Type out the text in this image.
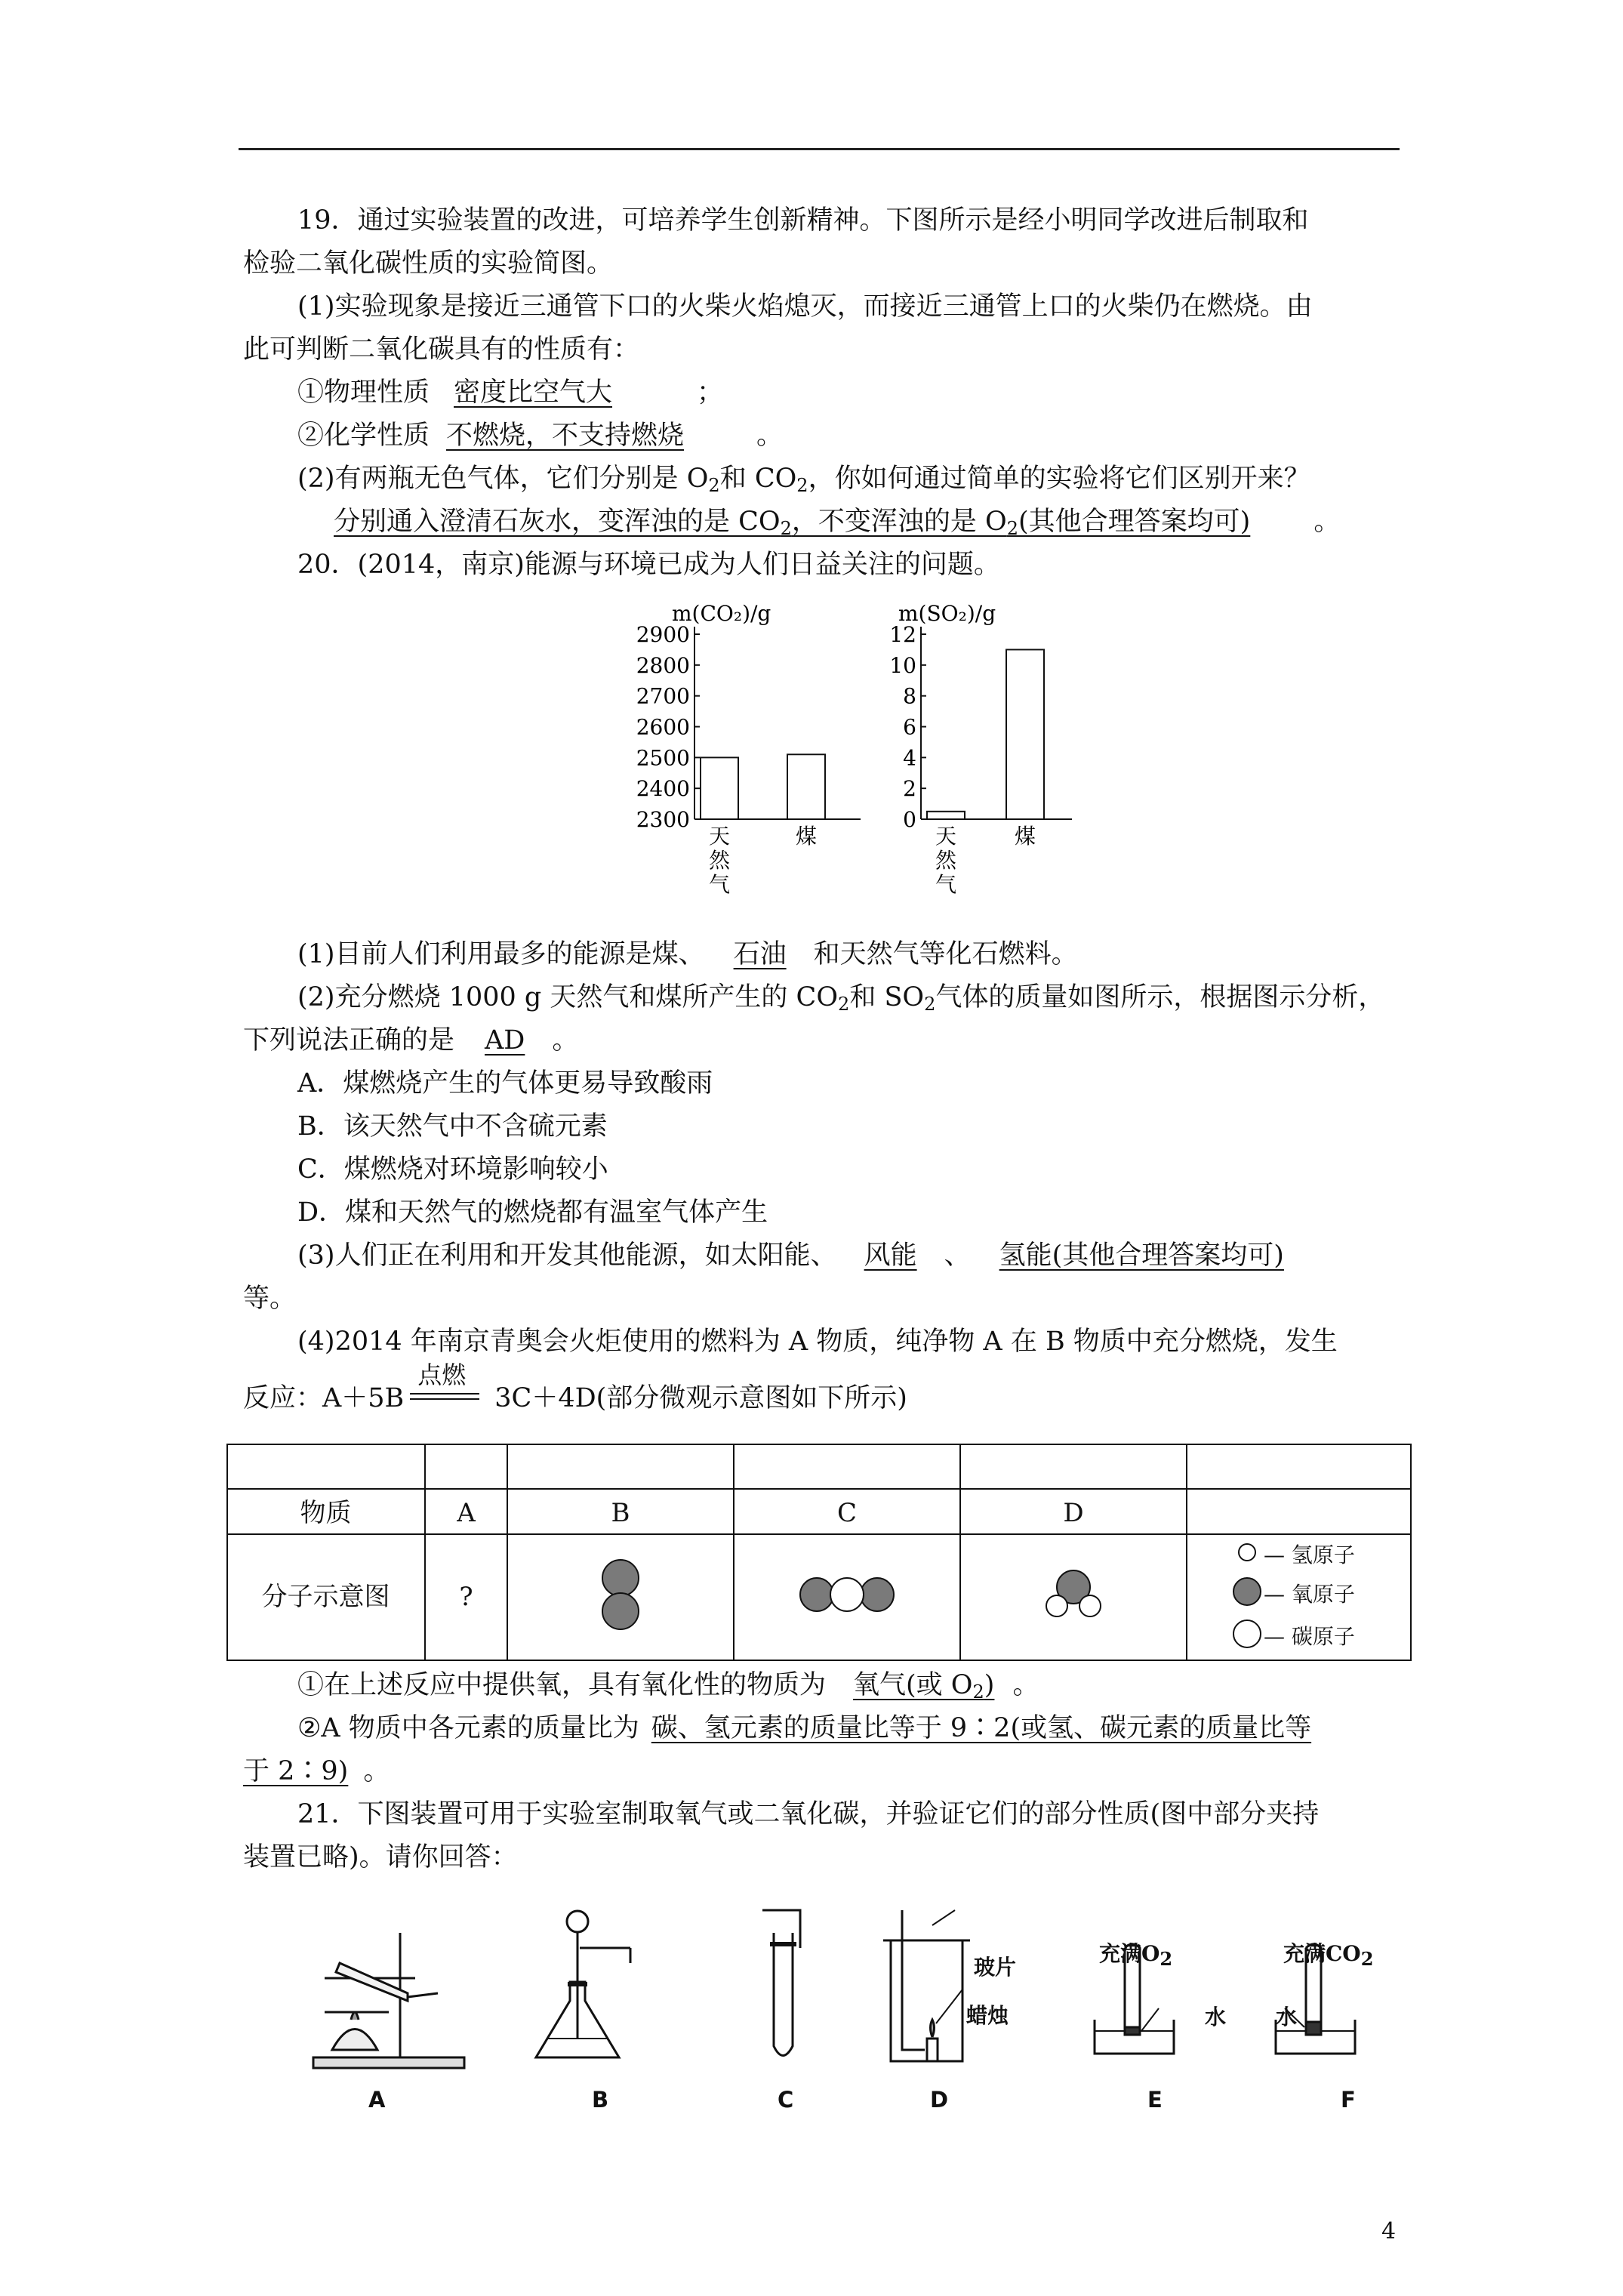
19．通过实验装置的改进，可培养学生创新精神。下图所示是经小明同学改进后制取和
检验二氧化碳性质的实验简图。
(1)实验现象是接近三通管下口的火柴火焰熄灭，而接近三通管上口的火柴仍在燃烧。由
此可判断二氧化碳具有的性质有：
①物理性质 密度比空气大	；
②化学性质 不燃烧，不支持燃烧	。
(2)有两瓶无色气体，它们分别是 $O_2$和 $CO_2$，你如何通过简单的实验将它们区别开来？
分别通入澄清石灰水，变浑浊的是 $CO_2$，不变浑浊的是 $O_2$(其他合理答案均可) 。
20．(2014，南京)能源与环境已成为人们日益关注的问题。
m(CO₂)/g
2900
2800
2700
2600
2500
2400
2300
天然气
煤
m(SO₂)/g
12
10
8
6
4
2
0
天然气
煤
(1)目前人们利用最多的能源是煤、 石油 和天然气等化石燃料。
(2)充分燃烧 1000 g 天然气和煤所产生的 $CO_2$和 $SO_2$气体的质量如图所示，根据图示分析，
下列说法正确的是 AD 。
A．煤燃烧产生的气体更易导致酸雨
B．该天然气中不含硫元素
C．煤燃烧对环境影响较小
D．煤和天然气的燃烧都有温室气体产生
(3)人们正在利用和开发其他能源，如太阳能、 风能 、 氢能(其他合理答案均可)
等。
(4)2014 年南京青奥会火炬使用的燃料为 A 物质，纯净物 A 在 B 物质中充分燃烧，发生
反应：A＋5B
点燃
3C＋4D(部分微观示意图如下所示)
物质	A	B	C	D
分子示意图	?
— 氢原子
— 氧原子
— 碳原子
①在上述反应中提供氧，具有氧化性的物质为 氧气(或 $O_2$) 。
②A 物质中各元素的质量比为 碳、氢元素的质量比等于 9∶2(或氢、碳元素的质量比等
于 2∶9) 。
21．下图装置可用于实验室制取氧气或二氧化碳，并验证它们的部分性质(图中部分夹持
装置已略)。请你回答：
A	B	C	D	E	F
玻片
蜡烛
充满$O_2$
水
充满$CO_2$
水
4
